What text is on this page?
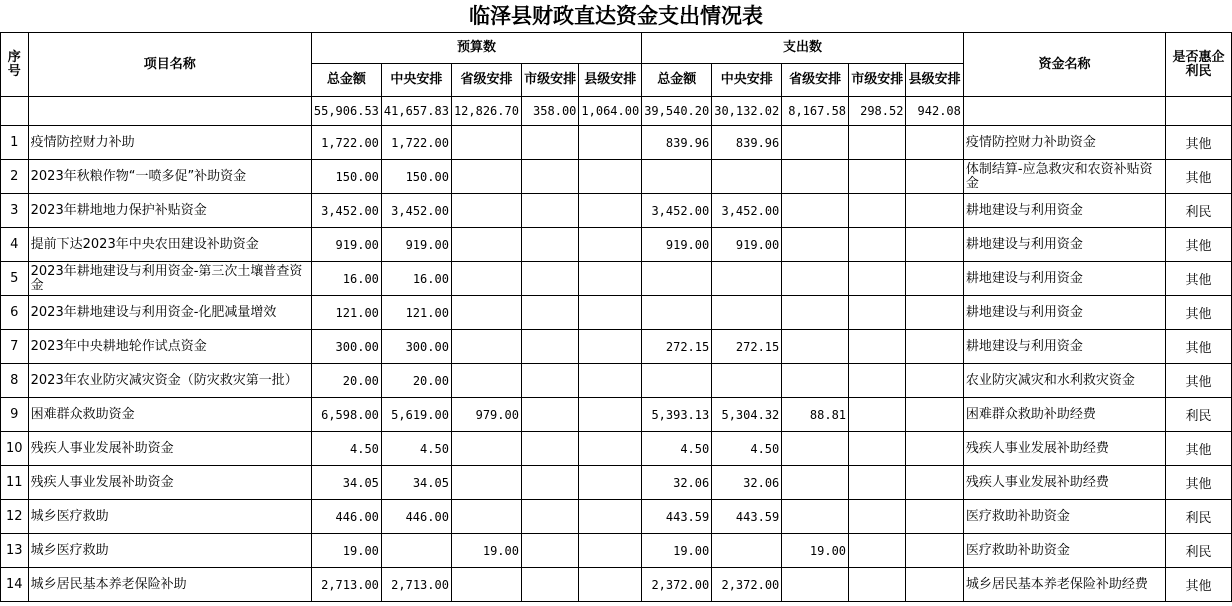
临泽县财政直达资金支出情况表
序号	项目名称	预算数					支出数					资金名称	是否惠企利民
		总金额	中央安排	省级安排	市级安排	县级安排	总金额	中央安排	省级安排	市级安排	县级安排		
		55,906.53	41,657.83	12,826.70	358.00	1,064.00	39,540.20	30,132.02	8,167.58	298.52	942.08		
1	疫情防控财力补助	1,722.00	1,722.00				839.96	839.96				疫情防控财力补助资金	其他
2	2023年秋粮作物“一喷多促”补助资金	150.00	150.00									体制结算-应急救灾和农资补贴资金	其他
3	2023年耕地地力保护补贴资金	3,452.00	3,452.00				3,452.00	3,452.00				耕地建设与利用资金	利民
4	提前下达2023年中央农田建设补助资金	919.00	919.00				919.00	919.00				耕地建设与利用资金	其他
5	2023年耕地建设与利用资金-第三次土壤普查资金	16.00	16.00									耕地建设与利用资金	其他
6	2023年耕地建设与利用资金-化肥减量增效	121.00	121.00									耕地建设与利用资金	其他
7	2023年中央耕地轮作试点资金	300.00	300.00				272.15	272.15				耕地建设与利用资金	其他
8	2023年农业防灾减灾资金（防灾救灾第一批）	20.00	20.00									农业防灾减灾和水利救灾资金	其他
9	困难群众救助资金	6,598.00	5,619.00	979.00			5,393.13	5,304.32	88.81			困难群众救助补助经费	利民
10	残疾人事业发展补助资金	4.50	4.50				4.50	4.50				残疾人事业发展补助经费	其他
11	残疾人事业发展补助资金	34.05	34.05				32.06	32.06				残疾人事业发展补助经费	其他
12	城乡医疗救助	446.00	446.00				443.59	443.59				医疗救助补助资金	利民
13	城乡医疗救助	19.00		19.00			19.00		19.00			医疗救助补助资金	利民
14	城乡居民基本养老保险补助	2,713.00	2,713.00				2,372.00	2,372.00				城乡居民基本养老保险补助经费	其他
